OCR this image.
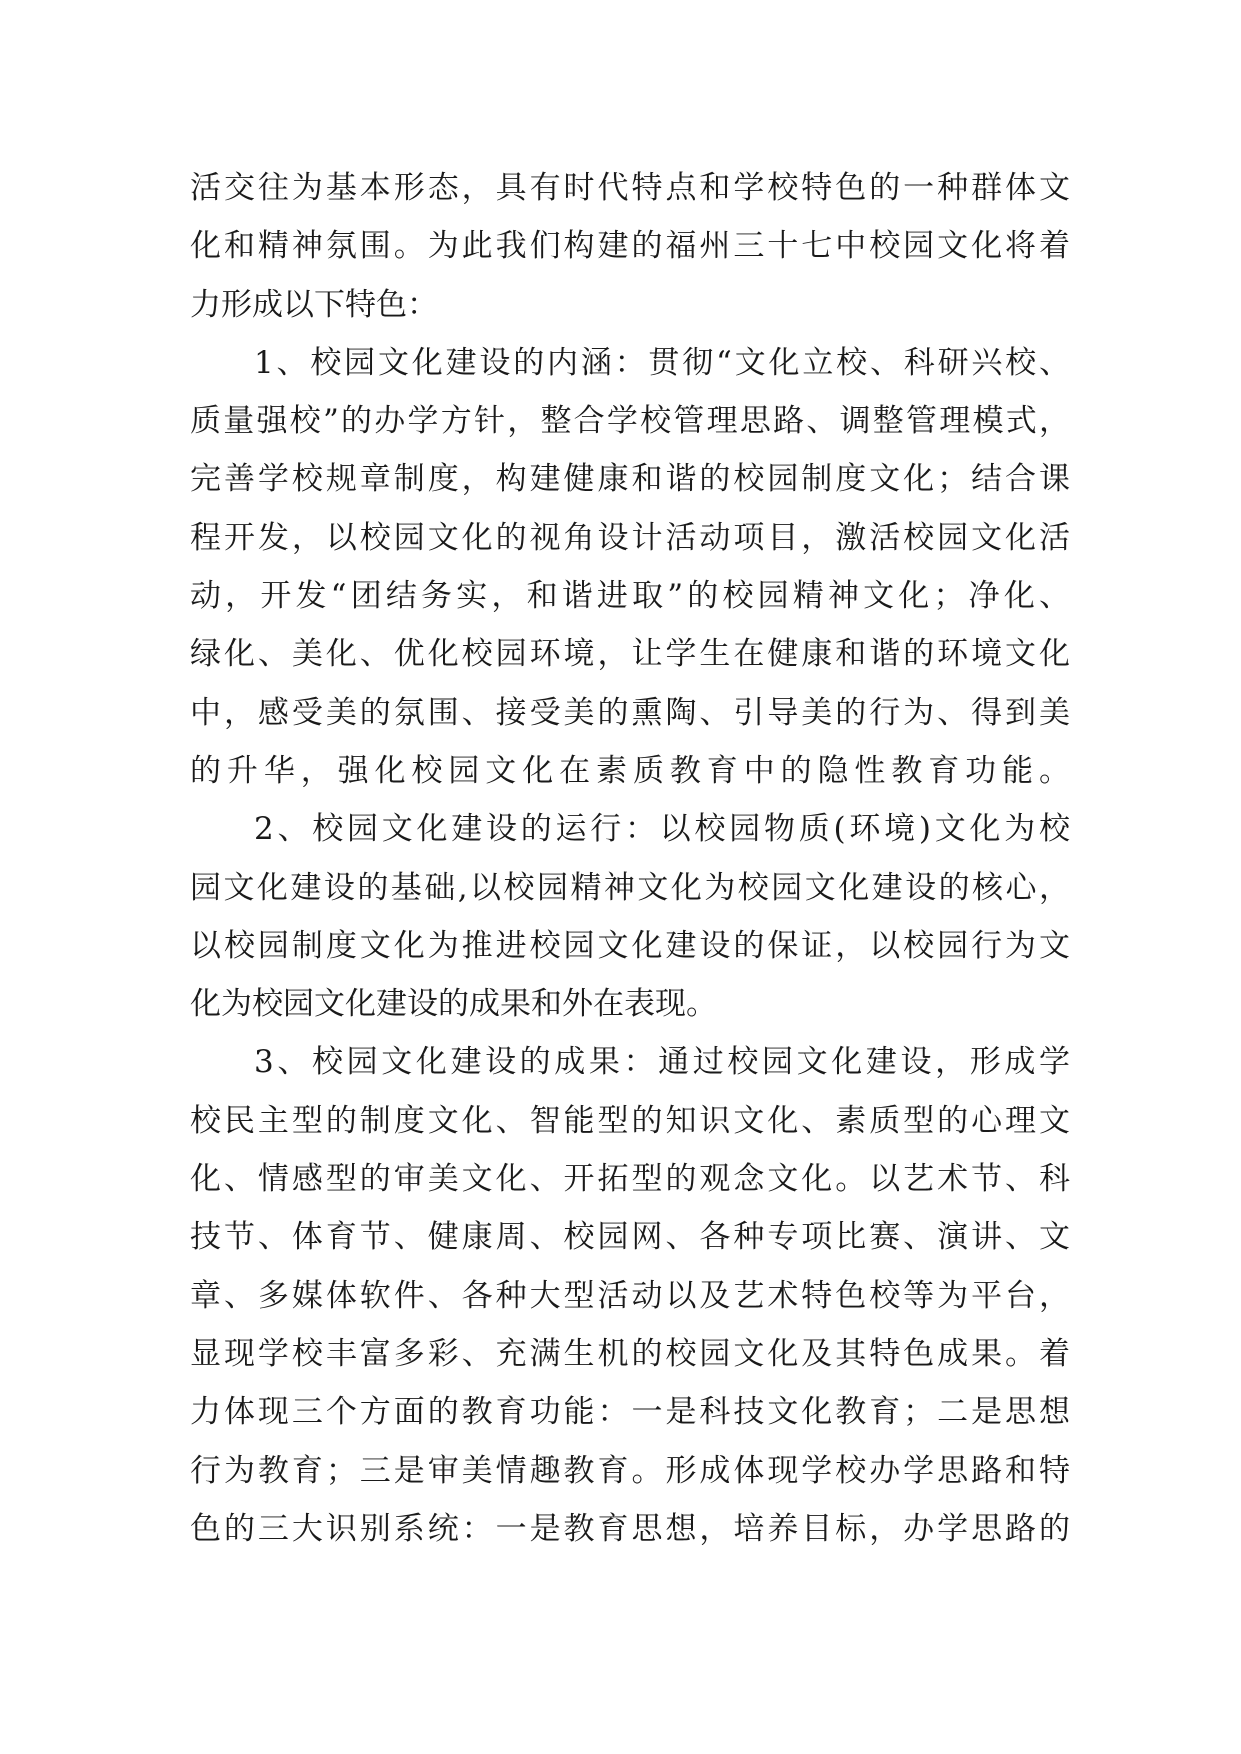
活交往为基本形态，具有时代特点和学校特色的一种群体文
化和精神氛围。为此我们构建的福州三十七中校园文化将着
力形成以下特色：
1、校园文化建设的内涵：贯彻“文化立校、科研兴校、
质量强校”的办学方针，整合学校管理思路、调整管理模式，
完善学校规章制度，构建健康和谐的校园制度文化；结合课
程开发，以校园文化的视角设计活动项目，激活校园文化活
动，开发“团结务实，和谐进取”的校园精神文化；净化、
绿化、美化、优化校园环境，让学生在健康和谐的环境文化
中，感受美的氛围、接受美的熏陶、引导美的行为、得到美
的升华，强化校园文化在素质教育中的隐性教育功能。
2、校园文化建设的运行：以校园物质(环境)文化为校
园文化建设的基础,以校园精神文化为校园文化建设的核心，
以校园制度文化为推进校园文化建设的保证，以校园行为文
化为校园文化建设的成果和外在表现。
3、校园文化建设的成果：通过校园文化建设，形成学
校民主型的制度文化、智能型的知识文化、素质型的心理文
化、情感型的审美文化、开拓型的观念文化。以艺术节、科
技节、体育节、健康周、校园网、各种专项比赛、演讲、文
章、多媒体软件、各种大型活动以及艺术特色校等为平台，
显现学校丰富多彩、充满生机的校园文化及其特色成果。着
力体现三个方面的教育功能：一是科技文化教育；二是思想
行为教育；三是审美情趣教育。形成体现学校办学思路和特
色的三大识别系统：一是教育思想，培养目标，办学思路的
